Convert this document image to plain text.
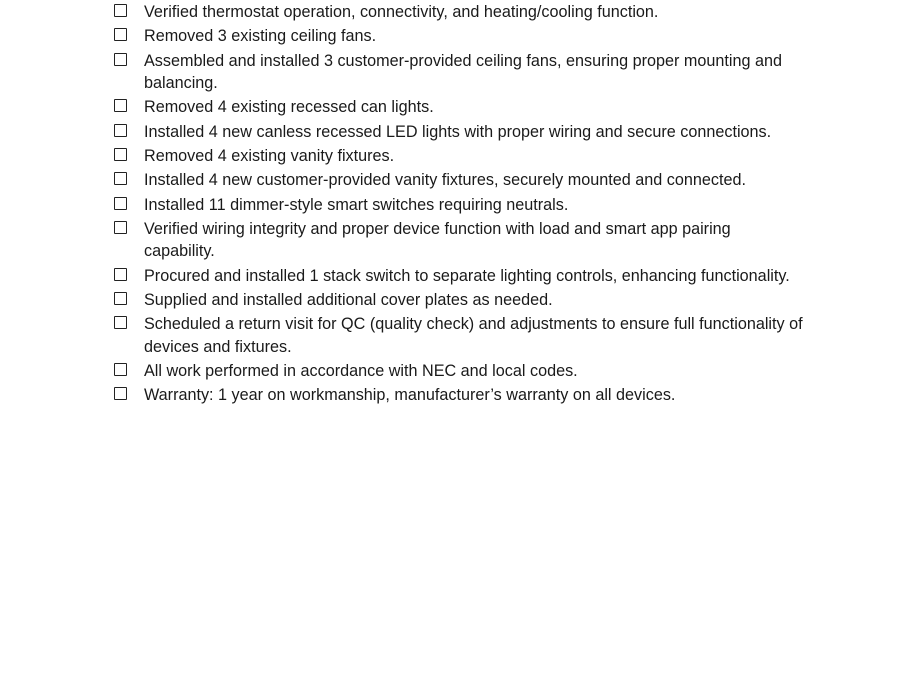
Verified thermostat operation, connectivity, and heating/cooling function.
Removed 3 existing ceiling fans.
Assembled and installed 3 customer-provided ceiling fans, ensuring proper mounting and balancing.
Removed 4 existing recessed can lights.
Installed 4 new canless recessed LED lights with proper wiring and secure connections.
Removed 4 existing vanity fixtures.
Installed 4 new customer-provided vanity fixtures, securely mounted and connected.
Installed 11 dimmer-style smart switches requiring neutrals.
Verified wiring integrity and proper device function with load and smart app pairing capability.
Procured and installed 1 stack switch to separate lighting controls, enhancing functionality.
Supplied and installed additional cover plates as needed.
Scheduled a return visit for QC (quality check) and adjustments to ensure full functionality of devices and fixtures.
All work performed in accordance with NEC and local codes.
Warranty: 1 year on workmanship, manufacturer’s warranty on all devices.
